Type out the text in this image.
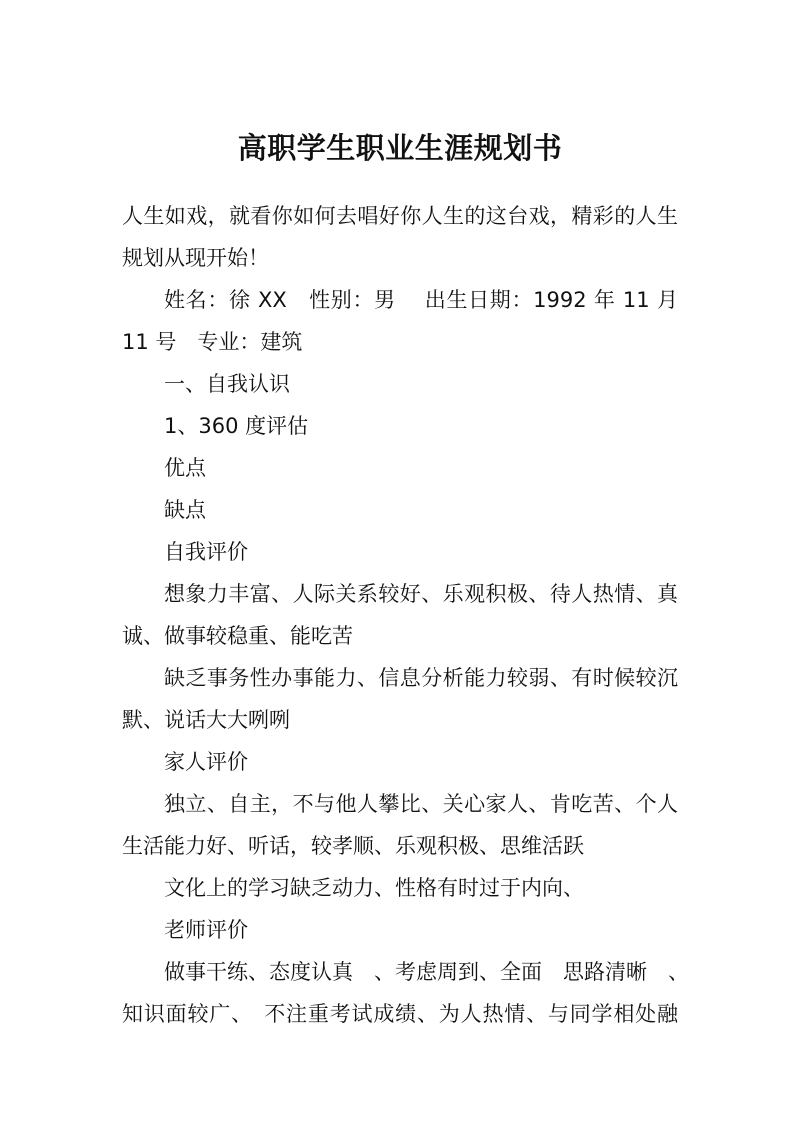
高职学生职业生涯规划书
人生如戏，就看你如何去唱好你人生的这台戏，精彩的人生
规划从现开始！
姓名：徐 XX　性别：男　 出生日期：1992 年 11 月
11 号　专业：建筑
一、自我认识
1、360 度评估
优点
缺点
自我评价
想象力丰富、人际关系较好、乐观积极、待人热情、真
诚、做事较稳重、能吃苦
缺乏事务性办事能力、信息分析能力较弱、有时候较沉
默、说话大大咧咧
家人评价
独立、自主，不与他人攀比、关心家人、肯吃苦、个人
生活能力好、听话，较孝顺、乐观积极、思维活跃
文化上的学习缺乏动力、性格有时过于内向、
老师评价
做事干练、态度认真　、考虑周到、全面　思路清晰　、
知识面较广、　不注重考试成绩、为人热情、与同学相处融
